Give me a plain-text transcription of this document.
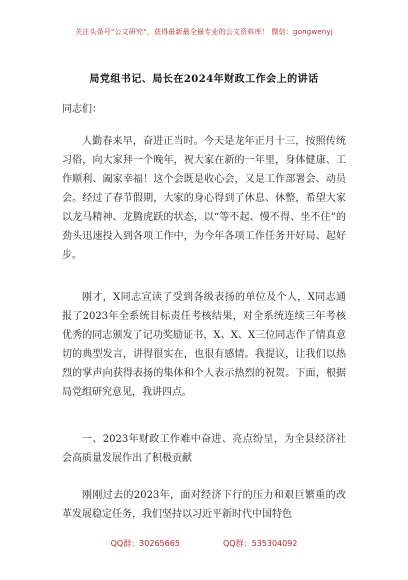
关注头条号"公文研究"，获得最新最全最专业的公文资料库！ 微信：gongwenyj
局党组书记、局长在2024年财政工作会上的讲话
同志们：

人勤春来早，奋进正当时。今天是龙年正月十三，按照传统习俗，向大家拜一个晚年，祝大家在新的一年里，身体健康、工作顺利、阖家幸福！这个会既是收心会，又是工作部署会、动员会。经过了春节假期，大家的身心得到了休息、休整，希望大家以龙马精神、龙腾虎跃的状态，以“等不起、慢不得、坐不住”的劲头迅速投入到各项工作中，为今年各项工作任务开好局、起好步。

刚才，X同志宣读了受到各级表扬的单位及个人，X同志通报了2023年全系统目标责任考核结果，对全系统连续三年考核优秀的同志颁发了记功奖励证书，X、X、X三位同志作了情真意切的典型发言，讲得很实在，也很有感情。我提议，让我们以热烈的掌声向获得表扬的集体和个人表示热烈的祝贺。下面，根据局党组研究意见，我讲四点。

一、2023年财政工作难中奋进、亮点纷呈，为全县经济社会高质量发展作出了积极贡献

刚刚过去的2023年，面对经济下行的压力和艰巨繁重的改革发展稳定任务，我们坚持以习近平新时代中国特色

QQ群：30265665	QQ群：535304092
